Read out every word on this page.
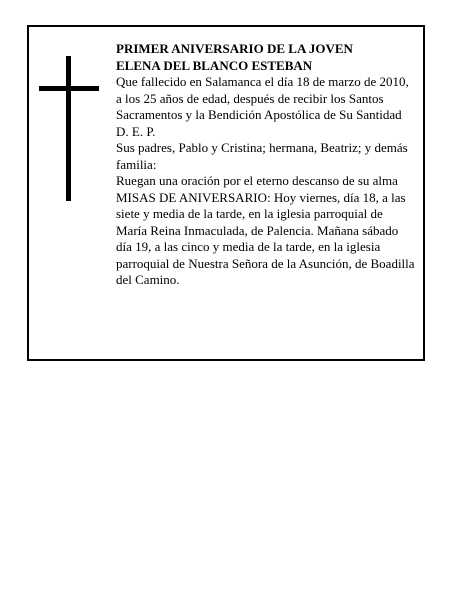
PRIMER ANIVERSARIO DE LA JOVEN

ELENA DEL BLANCO ESTEBAN

Que fallecido en Salamanca el día 18 de marzo de 2010, a los 25 años de edad, después de recibir los Santos Sacramentos y la Bendición Apostólica de Su Santidad

D. E. P.

Sus padres, Pablo y Cristina; hermana, Beatriz; y demás familia:

Ruegan una oración por el eterno descanso de su alma

MISAS DE ANIVERSARIO: Hoy viernes, día 18, a las siete y media de la tarde, en la iglesia parroquial de María Reina Inmaculada, de Palencia. Mañana sábado día 19, a las cinco y media de la tarde, en la iglesia parroquial de Nuestra Señora de la Asunción, de Boadilla del Camino.
